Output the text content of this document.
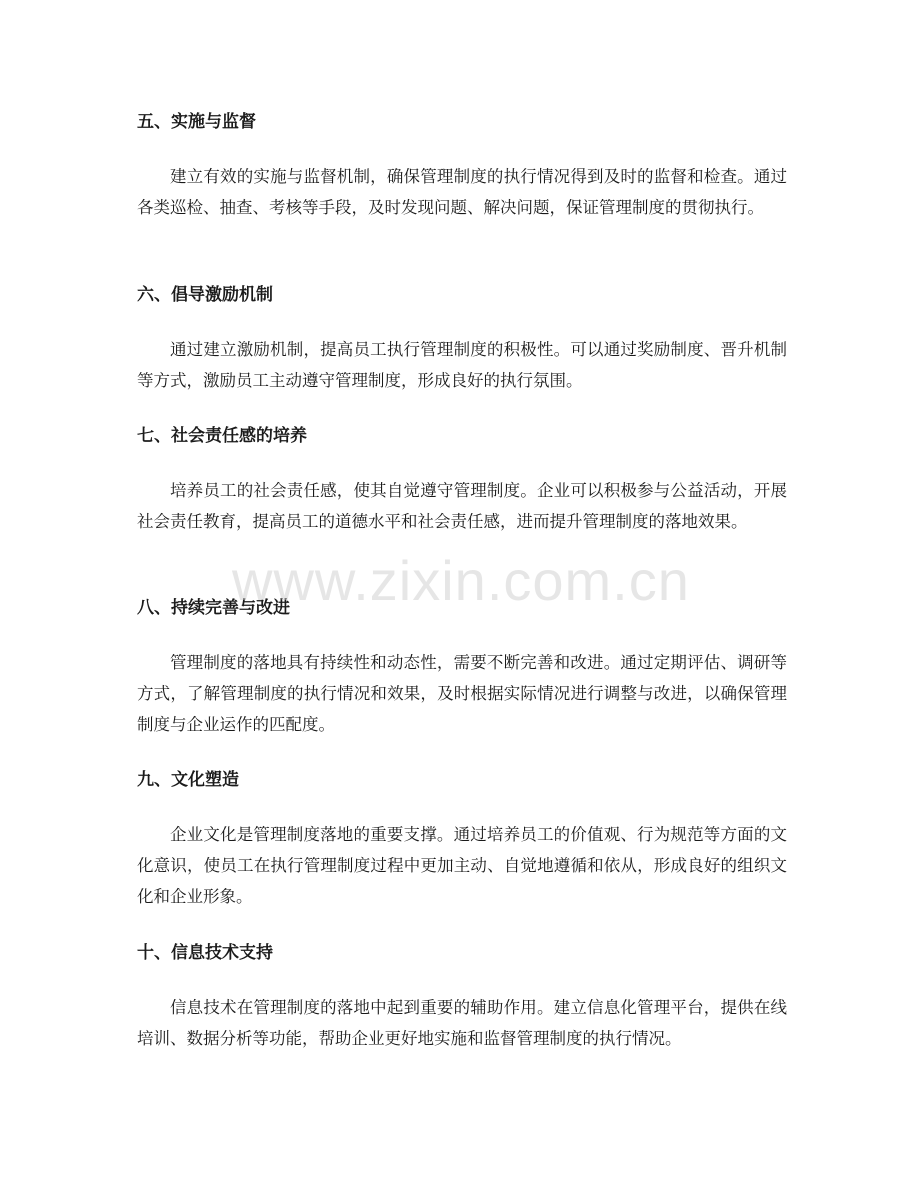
五、实施与监督

建立有效的实施与监督机制，确保管理制度的执行情况得到及时的监督和检查。通过各类巡检、抽查、考核等手段，及时发现问题、解决问题，保证管理制度的贯彻执行。

六、倡导激励机制

通过建立激励机制，提高员工执行管理制度的积极性。可以通过奖励制度、晋升机制等方式，激励员工主动遵守管理制度，形成良好的执行氛围。

七、社会责任感的培养

培养员工的社会责任感，使其自觉遵守管理制度。企业可以积极参与公益活动，开展社会责任教育，提高员工的道德水平和社会责任感，进而提升管理制度的落地效果。

八、持续完善与改进

管理制度的落地具有持续性和动态性，需要不断完善和改进。通过定期评估、调研等方式，了解管理制度的执行情况和效果，及时根据实际情况进行调整与改进，以确保管理制度与企业运作的匹配度。

九、文化塑造

企业文化是管理制度落地的重要支撑。通过培养员工的价值观、行为规范等方面的文化意识，使员工在执行管理制度过程中更加主动、自觉地遵循和依从，形成良好的组织文化和企业形象。

十、信息技术支持

信息技术在管理制度的落地中起到重要的辅助作用。建立信息化管理平台，提供在线培训、数据分析等功能，帮助企业更好地实施和监督管理制度的执行情况。

www.zixin.com.cn
